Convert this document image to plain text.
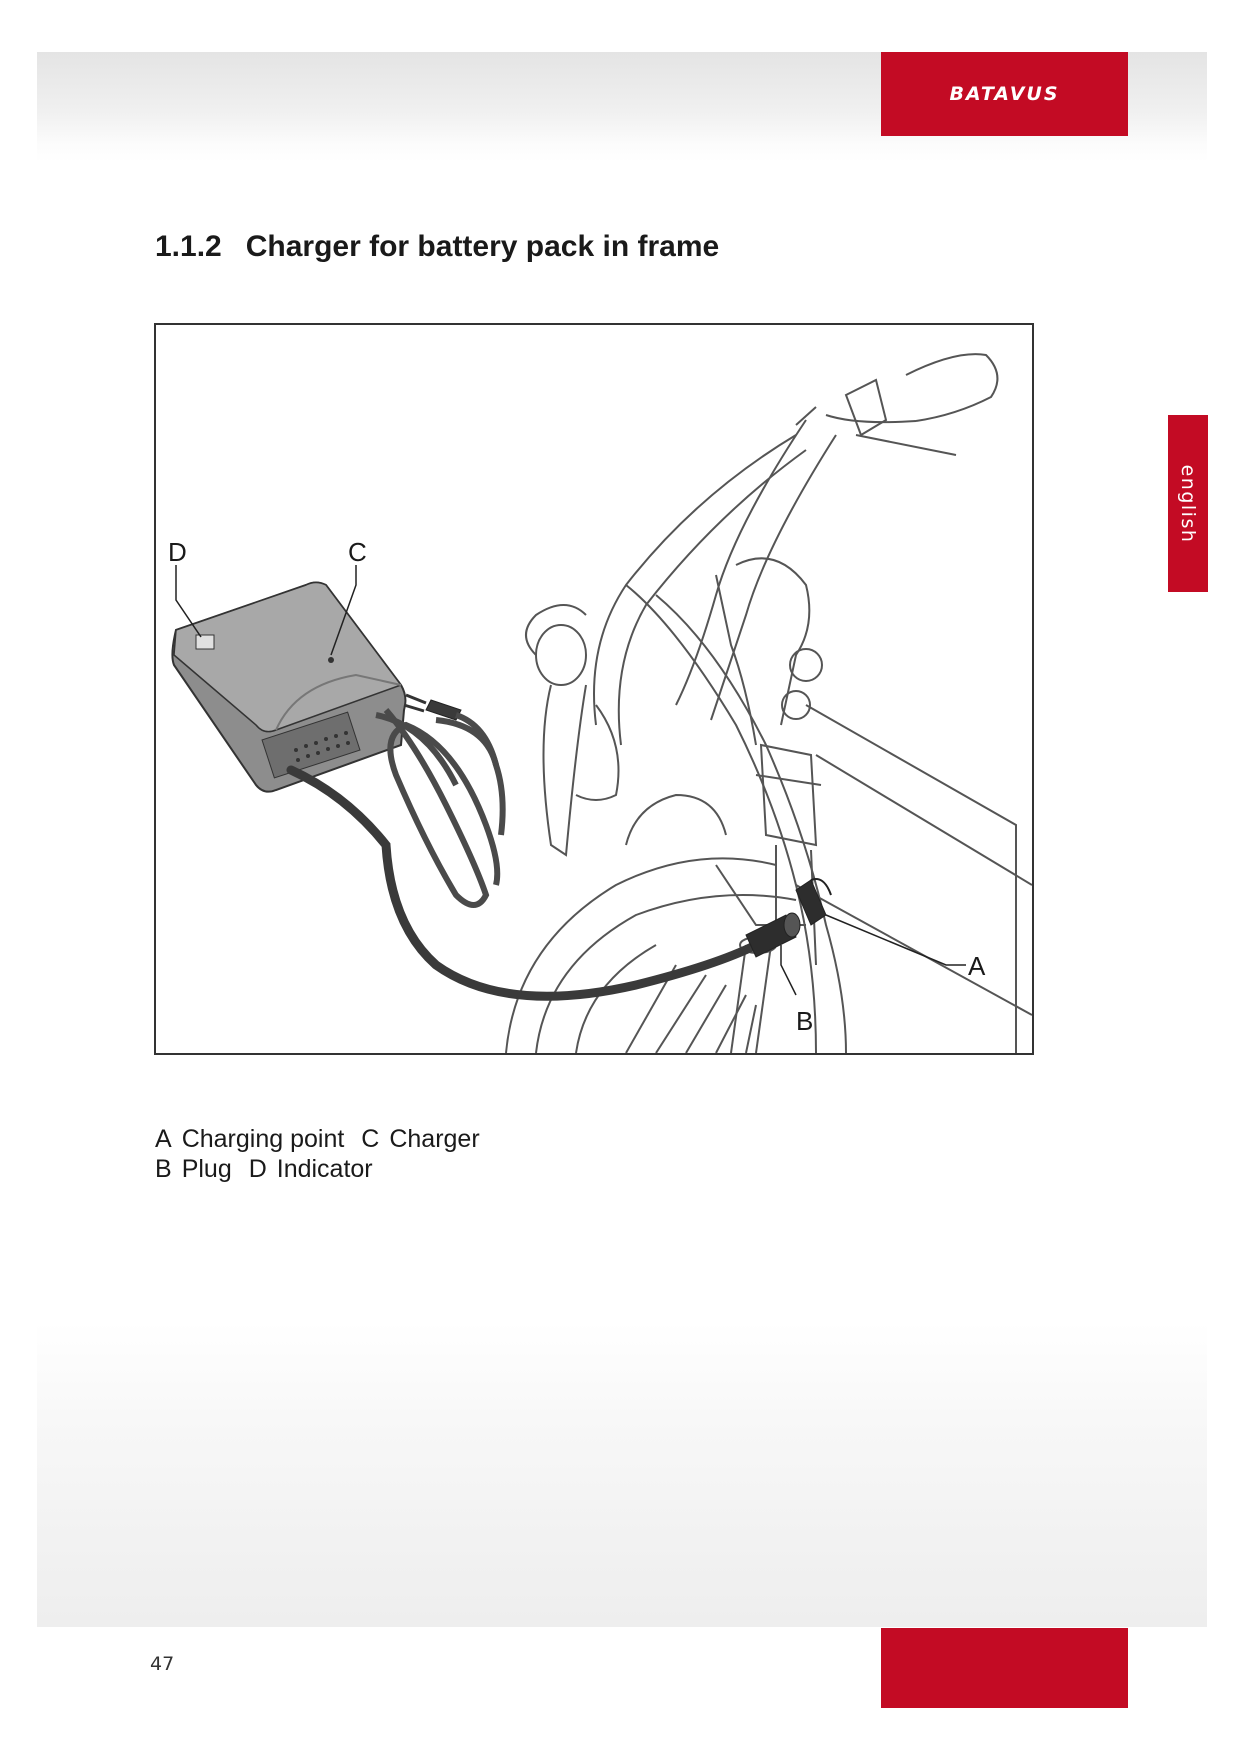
BATAVUS
english
1.1.2 Charger for battery pack in frame
D	C
A
B
A Charging point C Charger
B Plug D Indicator
47
